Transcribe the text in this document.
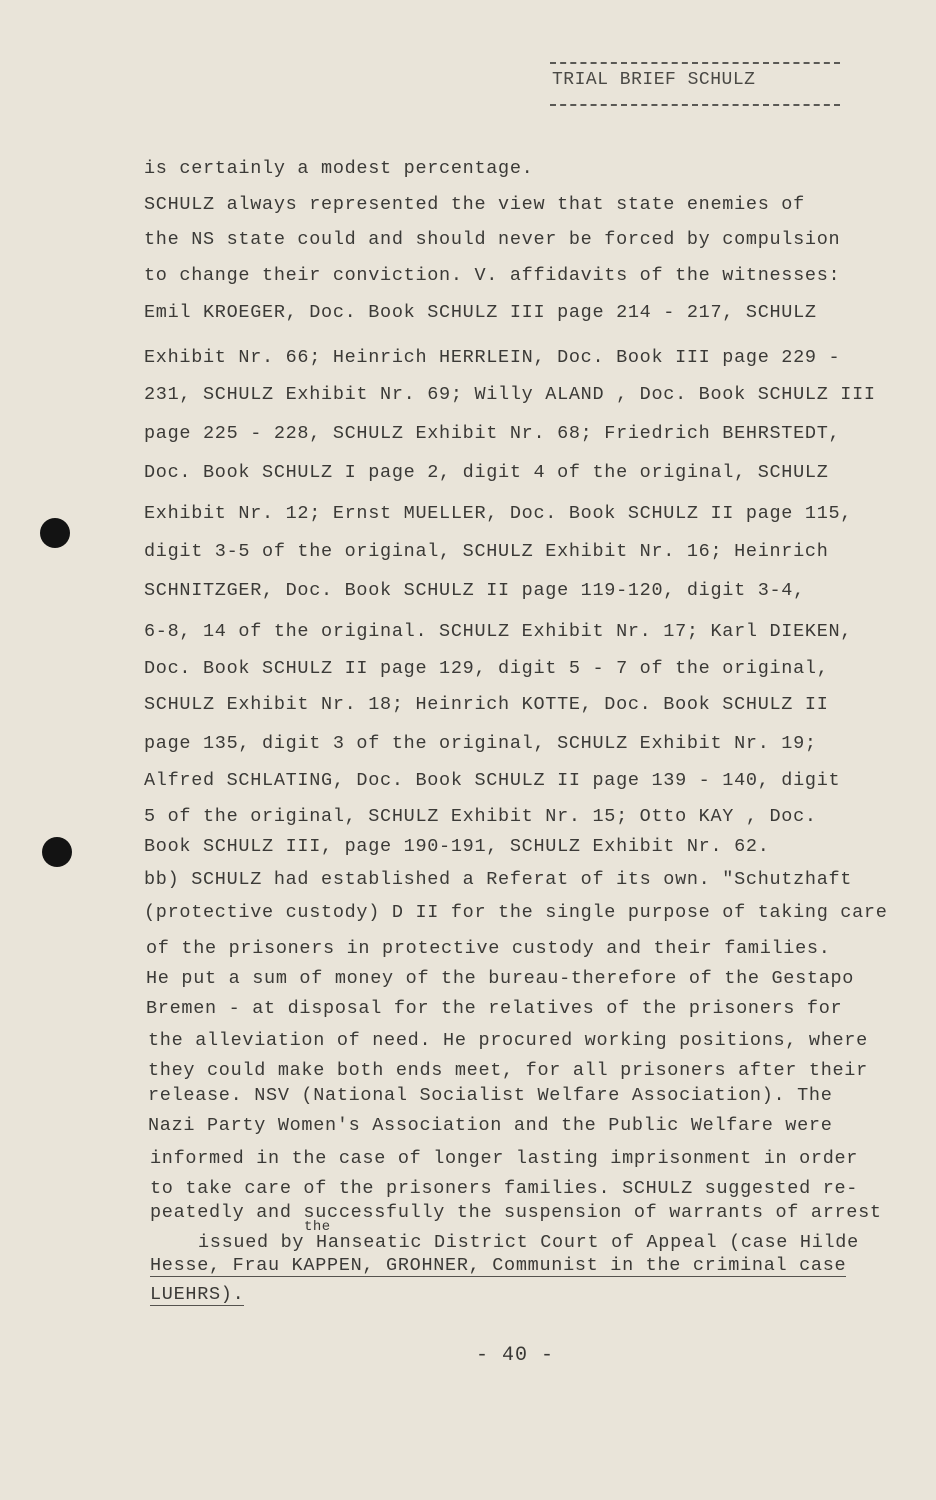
TRIAL BRIEF SCHULZ
is certainly a modest percentage.
SCHULZ always represented the view that state enemies of
the NS state could and should never be forced by compulsion
to change their conviction. V. affidavits of the witnesses:
Emil KROEGER, Doc. Book SCHULZ III page 214 - 217, SCHULZ
Exhibit Nr. 66; Heinrich HERRLEIN, Doc. Book III page 229 -
231, SCHULZ Exhibit Nr. 69; Willy ALAND , Doc. Book SCHULZ III
page 225 - 228, SCHULZ Exhibit Nr. 68; Friedrich BEHRSTEDT,
Doc. Book SCHULZ I page 2, digit 4 of the original, SCHULZ
Exhibit Nr. 12; Ernst MUELLER, Doc. Book SCHULZ II page 115,
digit 3-5 of the original, SCHULZ Exhibit Nr. 16; Heinrich
SCHNITZGER, Doc. Book SCHULZ II page 119-120, digit 3-4,
6-8, 14 of the original. SCHULZ Exhibit Nr. 17; Karl DIEKEN,
Doc. Book SCHULZ II page 129, digit 5 - 7 of the original,
SCHULZ Exhibit Nr. 18; Heinrich KOTTE, Doc. Book SCHULZ II
page 135, digit 3 of the original, SCHULZ Exhibit Nr. 19;
Alfred SCHLATING, Doc. Book SCHULZ II page 139 - 140, digit
5 of the original, SCHULZ Exhibit Nr. 15; Otto KAY , Doc.
Book SCHULZ III, page 190-191, SCHULZ Exhibit Nr. 62.
bb) SCHULZ had established a Referat of its own. "Schutzhaft
(protective custody) D II for the single purpose of taking care
of the prisoners in protective custody and their families.
He put a sum of money of the bureau-therefore of the Gestapo
Bremen - at disposal for the relatives of the prisoners for
the alleviation of need. He procured working positions, where
they could make both ends meet, for all prisoners after their
release. NSV (National Socialist Welfare Association). The
Nazi Party Women's Association and the Public Welfare were
informed in the case of longer lasting imprisonment in order
to take care of the prisoners families. SCHULZ suggested re-
peatedly and successfully the suspension of warrants of arrest
the
issued by Hanseatic District Court of Appeal (case Hilde
Hesse, Frau KAPPEN, GROHNER, Communist in the criminal case
LUEHRS).
- 40 -
